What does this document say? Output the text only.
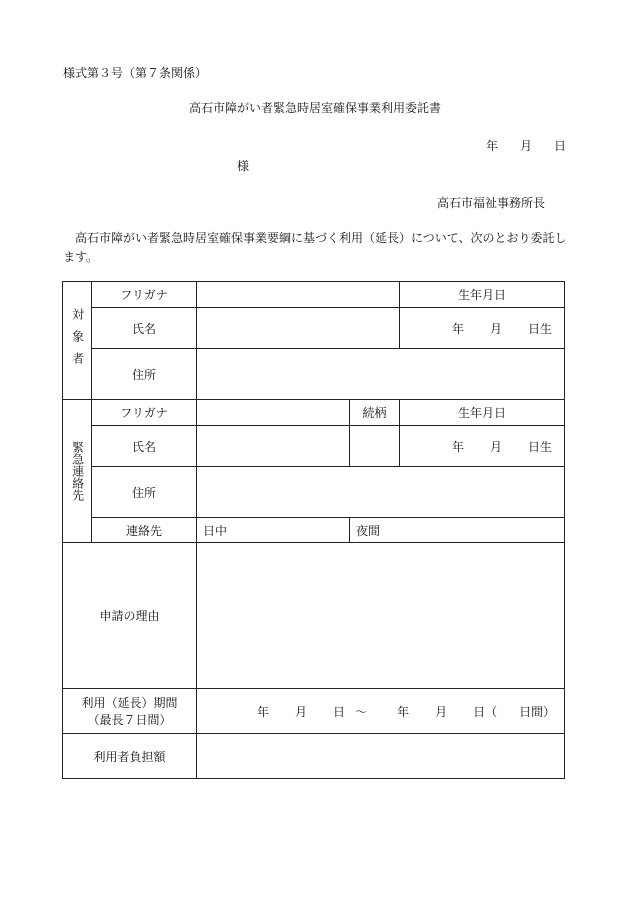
様式第３号（第７条関係）
高石市障がい者緊急時居室確保事業利用委託書
年 月 日
様
高石市福祉事務所長
高石市障がい者緊急時居室確保事業要綱に基づく利用（延長）について、次のとおり委託します。
対象者	フリガナ			生年月日
	氏名			年 月 日生
	住所			

緊急連絡先	フリガナ		続柄	生年月日
	氏名			年 月 日生
	住所			
	連絡先	日中	夜間	
申請の理由				

利用（延長）期間
（最長７日間）		年 月 日 ～ 年 月 日（ 日間）		
利用者負担額				
